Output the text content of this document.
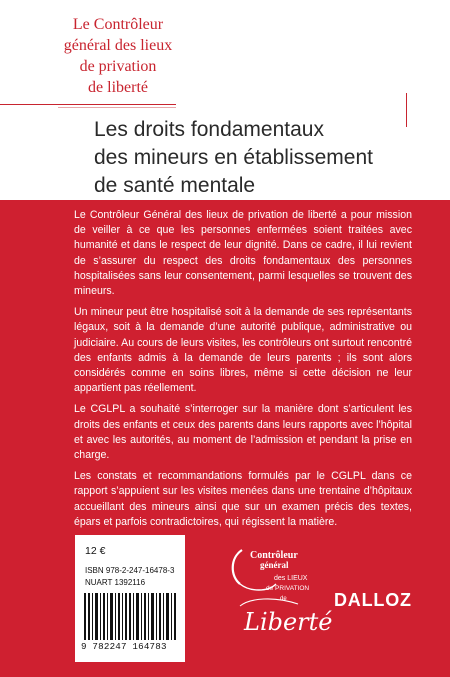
Le Contrôleur
général des lieux
de privation
de liberté
Les droits fondamentaux
des mineurs en établissement
de santé mentale

Le Contrôleur Général des lieux de privation de liberté a pour mission de veiller à ce que les personnes enfermées soient traitées avec humanité et dans le respect de leur dignité. Dans ce cadre, il lui revient de s’assurer du respect des droits fondamentaux des personnes hospitalisées sans leur consentement, parmi lesquelles se trouvent des mineurs.

Un mineur peut être hospitalisé soit à la demande de ses représentants légaux, soit à la demande d’une autorité publique, administrative ou judiciaire. Au cours de leurs visites, les contrôleurs ont surtout rencontré des enfants admis à la demande de leurs parents ; ils sont alors considérés comme en soins libres, même si cette décision ne leur appartient pas réellement.

Le CGLPL a souhaité s’interroger sur la manière dont s’articulent les droits des enfants et ceux des parents dans leurs rapports avec l’hôpital et avec les autorités, au moment de l’admission et pendant la prise en charge.

Les constats et recommandations formulés par le CGLPL dans ce rapport s’appuient sur les visites menées dans une trentaine d’hôpitaux accueillant des mineurs ainsi que sur un examen précis des textes, épars et parfois contradictoires, qui régissent la matière.

12 €
ISBN 978-2-247-16478-3
NUART 1392116
9 782247 164783
Contrôleur
général
des LIEUX
de PRIVATION
de
Liberté
DALLOZ
